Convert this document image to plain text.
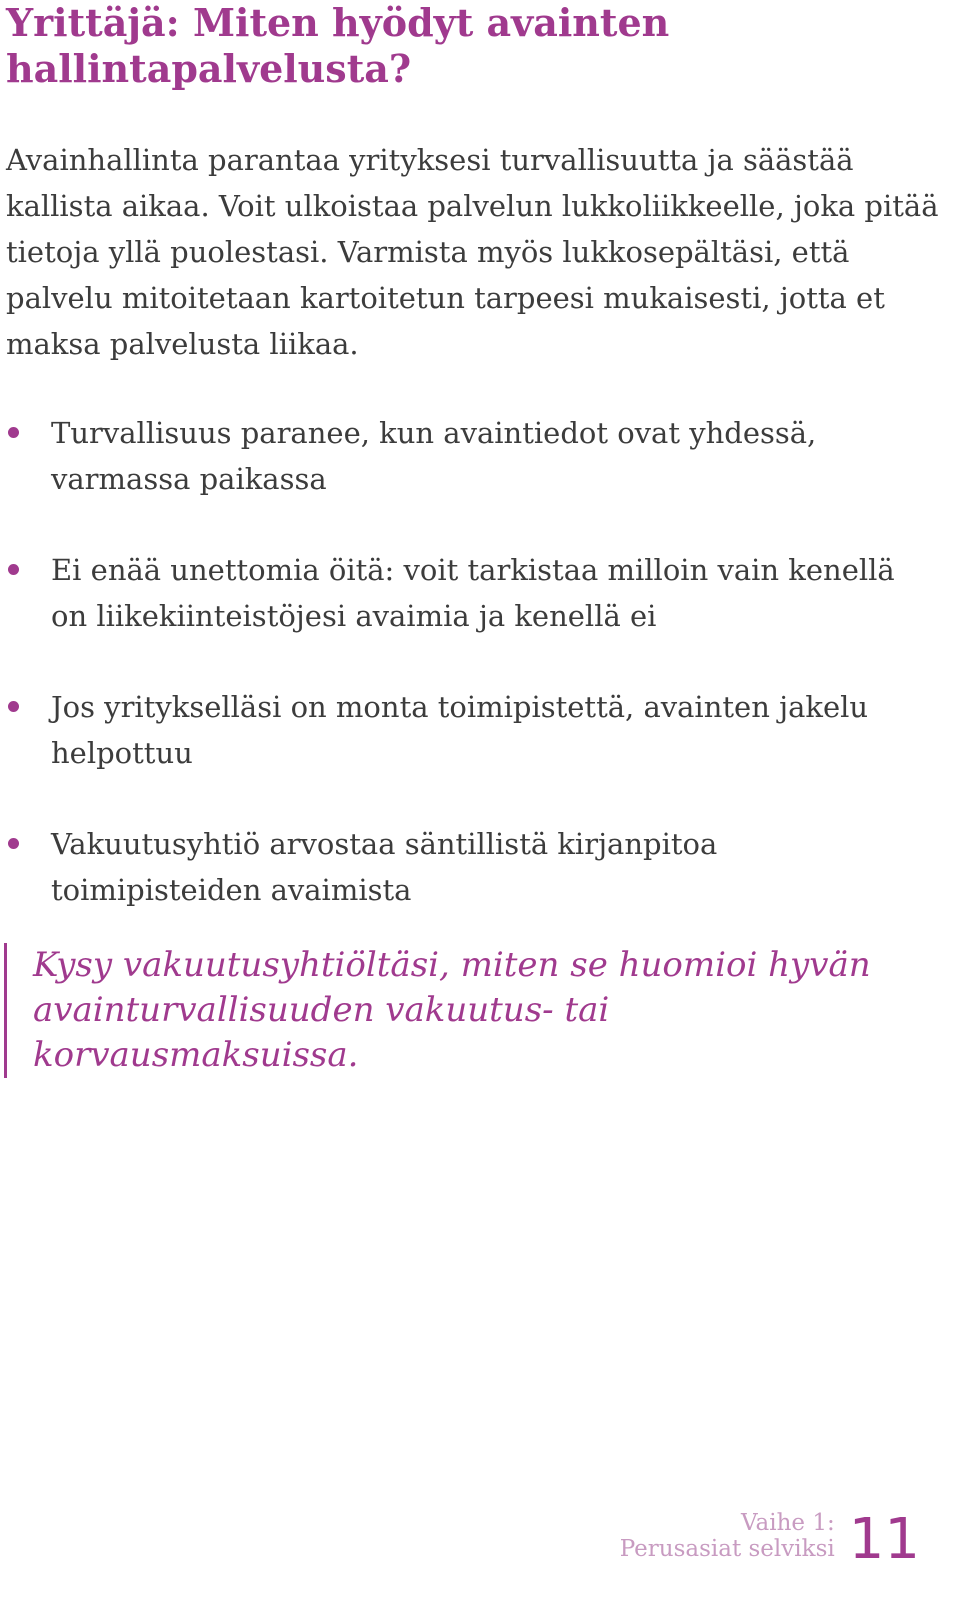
Yrittäjä: Miten hyödyt avainten hallintapalvelusta?

Avainhallinta parantaa yrityksesi turvallisuutta ja säästää kallista aikaa. Voit ulkoistaa palvelun lukkoliikkeelle, joka pitää tietoja yllä puolestasi. Varmista myös lukkosepältäsi, että palvelu mitoitetaan kartoitetun tarpeesi mukaisesti, jotta et maksa palvelusta liikaa.

Turvallisuus paranee, kun avaintiedot ovat yhdessä, varmassa paikassa
Ei enää unettomia öitä: voit tarkistaa milloin vain kenellä on liikekiinteistöjesi avaimia ja kenellä ei
Jos yritykselläsi on monta toimipistettä, avainten jakelu helpottuu
Vakuutusyhtiö arvostaa säntillistä kirjanpitoa toimipisteiden avaimista
Kysy vakuutusyhtiöltäsi, miten se huomioi hyvän avainturvallisuuden vakuutus- tai korvausmaksuissa.
Vaihe 1:
Perusasiat selviksi 11
